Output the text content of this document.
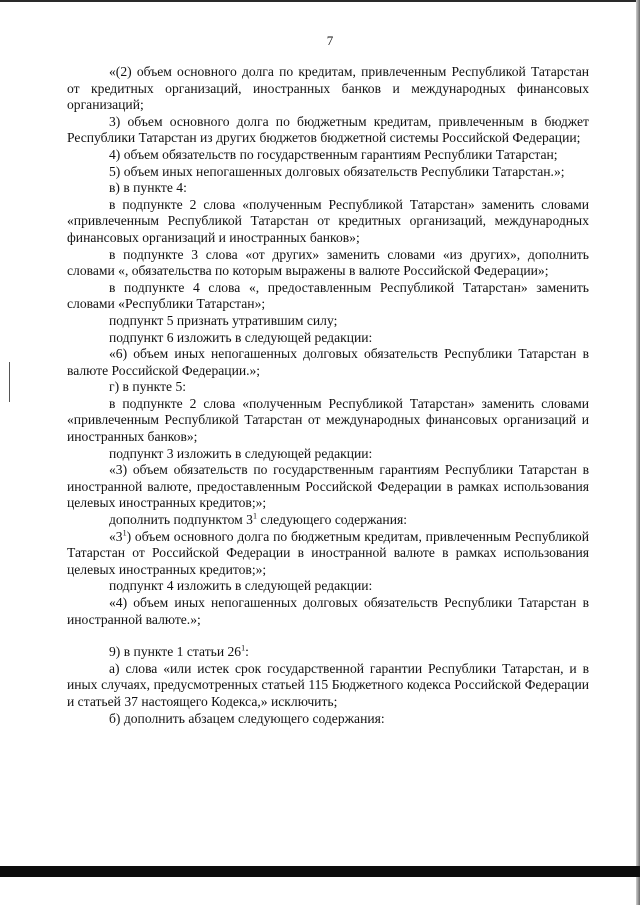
7

«(2) объем основного долга по кредитам, привлеченным Республикой Татарстан от кредитных организаций, иностранных банков и международных финансовых организаций;

3) объем основного долга по бюджетным кредитам, привлеченным в бюджет Республики Татарстан из других бюджетов бюджетной системы Российской Федерации;

4) объем обязательств по государственным гарантиям Республики Татарстан;

5) объем иных непогашенных долговых обязательств Республики Татарстан.»;

в) в пункте 4:

в подпункте 2 слова «полученным Республикой Татарстан» заменить словами «привлеченным Республикой Татарстан от кредитных организаций, международных финансовых организаций и иностранных банков»;

в подпункте 3 слова «от других» заменить словами «из других», дополнить словами «, обязательства по которым выражены в валюте Российской Федерации»;

в подпункте 4 слова «, предоставленным Республикой Татарстан» заменить словами «Республики Татарстан»;

подпункт 5 признать утратившим силу;

подпункт 6 изложить в следующей редакции:

«6) объем иных непогашенных долговых обязательств Республики Татарстан в валюте Российской Федерации.»;

г) в пункте 5:

в подпункте 2 слова «полученным Республикой Татарстан» заменить словами «привлеченным Республикой Татарстан от международных финансовых организаций и иностранных банков»;

подпункт 3 изложить в следующей редакции:

«3) объем обязательств по государственным гарантиям Республики Татарстан в иностранной валюте, предоставленным Российской Федерации в рамках использования целевых иностранных кредитов;»;

дополнить подпунктом $3^1$ следующего содержания:

«$3^1$) объем основного долга по бюджетным кредитам, привлеченным Республикой Татарстан от Российской Федерации в иностранной валюте в рамках использования целевых иностранных кредитов;»;

подпункт 4 изложить в следующей редакции:

«4) объем иных непогашенных долговых обязательств Республики Татарстан в иностранной валюте.»;

9) в пункте 1 статьи $26^1$:

а) слова «или истек срок государственной гарантии Республики Татарстан, и в иных случаях, предусмотренных статьей 115 Бюджетного кодекса Российской Федерации и статьей 37 настоящего Кодекса,» исключить;

б) дополнить абзацем следующего содержания:
